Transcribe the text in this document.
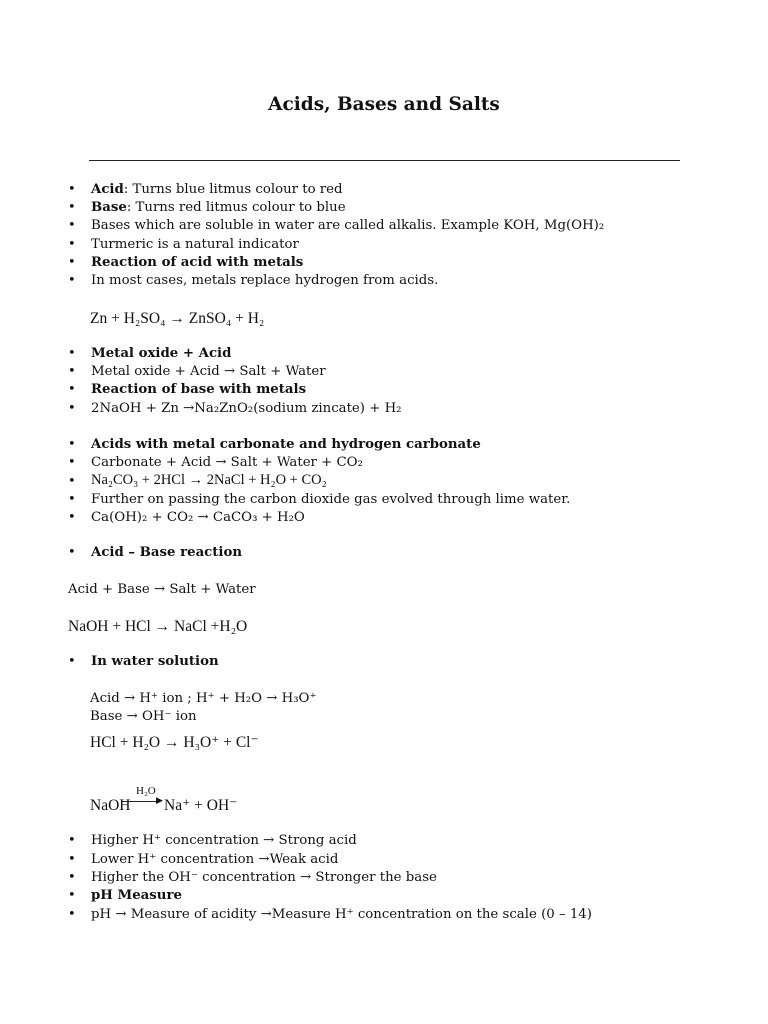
Acids, Bases and Salts
•
Acid: Turns blue litmus colour to red
•
Base: Turns red litmus colour to blue
•
Bases which are soluble in water are called alkalis. Example KOH, Mg(OH)₂
•
Turmeric is a natural indicator
•
Reaction of acid with metals
•
In most cases, metals replace hydrogen from acids.
Zn + H₂SO₄ → ZnSO₄ + H₂
•
Metal oxide + Acid
•
Metal oxide + Acid → Salt + Water
•
Reaction of base with metals
•
2NaOH + Zn →Na₂ZnO₂(sodium zincate) + H₂
•
Acids with metal carbonate and hydrogen carbonate
•
Carbonate + Acid → Salt + Water + CO₂
•
Na₂CO₃ + 2HCl → 2NaCl + H₂O + CO₂
•
Further on passing the carbon dioxide gas evolved through lime water.
•
Ca(OH)₂ + CO₂ → CaCO₃ + H₂O
•
Acid – Base reaction
Acid + Base → Salt + Water
NaOH + HCl → NaCl +H₂O
•
In water solution
Acid → H⁺ ion ; H⁺ + H₂O → H₃O⁺
Base → OH⁻ ion
HCl + H₂O → H₃O⁺ + Cl⁻
NaOH
H₂O
▶ Na⁺ + OH⁻
•
Higher H⁺ concentration → Strong acid
•
Lower H⁺ concentration →Weak acid
•
Higher the OH⁻ concentration → Stronger the base
•
pH Measure
•
pH → Measure of acidity →Measure H⁺ concentration on the scale (0 – 14)
